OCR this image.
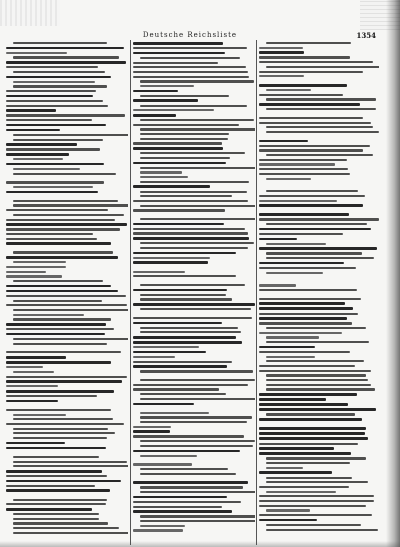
Deutsche Reichsliste	1354
